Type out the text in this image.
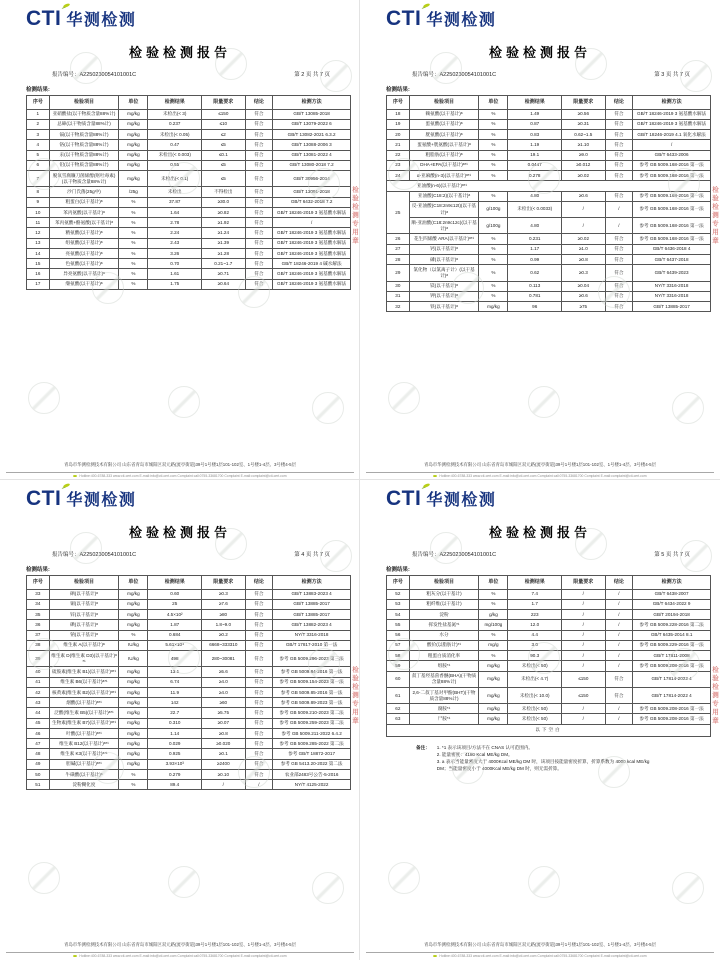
检验检测专用章
CTI 华测检测
检验检测报告
报告编号：A2250230054101001C	第 2 页 共 7 页
检测结果:
序号	检验项目	单位	检测结果	限量要求	结论	检测方法
1	亚硝酸盐(以干物质含量88%计)	mg/kg	未检出(< 3)	≤150	符合	GB/T 13085-2018
2	总砷(以干物质含量88%计)	mg/kg	0.237	≤10	符合	GB/T 13079-2022 6
3	镉(以干物质含量88%计)	mg/kg	未检出(< 0.05)	≤2	符合	GB/T 13082-2021 6.3.2
4	铬(以干物质含量88%计)	mg/kg	0.47	≤5	符合	GB/T 13088-2006 3
5	汞(以干物质含量88%计)	mg/kg	未检出(< 0.003)	≤0.1	符合	GB/T 13081-2022 4
6	铅(以干物质含量88%计)	mg/kg	0.55	≤5	符合	GB/T 13080-2018 7.2
7	脱氧雪腐镰刀菌烯醇(呕吐毒素)(以干物质含量88%计)	mg/kg	未检出(< 0.1)	≤5	符合	GB/T 30956-2014
8	沙门氏菌(25g中)	/25g	未检出	不得检出	符合	GB/T 13091-2018
9	粗蛋白(以干基计)ᵃ	%	37.87	≥30.0	符合	GB/T 6432-2018 7.2
10	苯丙氨酸(以干基计)ᵃ	%	1.64	≥0.82	符合	GB/T 18246-2019 3 氨基酸水解法
11	苯丙氨酸+酪氨酸(以干基计)ᵃ	%	2.78	≥1.92	符合	/
12	精氨酸(以干基计)ᵃ	%	2.24	≥1.24	符合	GB/T 18246-2019 3 氨基酸水解法
13	组氨酸(以干基计)ᵃ	%	2.43	≥1.39	符合	GB/T 18246-2019 3 氨基酸水解法
14	亮氨酸(以干基计)ᵃ	%	3.26	≥1.28	符合	GB/T 18246-2019 3 氨基酸水解法
15	色氨酸(以干基计)ᵃ	%	0.70	0.21~1.7	符合	GB/T 18246-2019 4 碱水解法
16	异亮氨酸(以干基计)ᵃ	%	1.61	≥0.71	符合	GB/T 18246-2019 3 氨基酸水解法
17	缬氨酸(以干基计)ᵃ	%	1.75	≥0.64	符合	GB/T 18246-2019 3 氨基酸水解法
青岛市华测检测技术有限公司 山东省青岛市城阳区双元路(流亭街道)39号1号楼1层101-102室、1号楼1-4层、3号楼4-5层
Hotline:400-6788-333 www.cti-cert.com E-mail:info@cti-cert.com Complaint call:0755-33681700 Complaint E-mail:complaint@cti-cert.com
检验检测专用章
CTI 华测检测
检验检测报告
报告编号：A2250230054101001C	第 3 页 共 7 页
检测结果:
序号	检验项目	单位	检测结果	限量要求	结论	检测方法
18	赖氨酸(以干基计)ᵃ	%	1.49	≥0.56	符合	GB/T 18246-2019 3 氨基酸水解法
19	蛋氨酸(以干基计)ᵃ	%	0.87	≥0.31	符合	GB/T 18246-2019 3 氨基酸水解法
20	胱氨酸(以干基计)ᵃ	%	0.83	0.62~1.5	符合	GB/T 18246-2019 4.1 氧化水解法
21	蛋氨酸+胱氨酸(以干基计)ᵃ	%	1.19	≥1.10	符合	/
22	粗脂肪(以干基计)ᵃ	%	19.1	≥9.0	符合	GB/T 6433-2006
23	DHA+EPA(以干基计)ᵃ*¹	%	0.0447	≥0.012	符合	参考 GB 5009.168-2016 第一法
24	α-亚麻酸(n-3)(以干基计)ᵃ*¹	%	0.278	≥0.02	符合	参考 GB 5009.168-2016 第一法
亚油酸(n-6)(以干基计)ᵃ*¹						
25	亚油酸(C18:2)(以干基计)ᵃ	%	4.80	≥0.6	符合	参考 GB 5009.168-2016 第一法
	反-亚油酸(C18:2n9c12t)(以干基计)ᵃ	g/100g	未检出(< 0.0033)	/	/	参考 GB 5009.168-2016 第一法
	顺-亚油酸(C18:2n9c12c)(以干基计)ᵃ	g/100g	4.80	/	/	参考 GB 5009.168-2016 第一法
26	花生四烯酸 ARA(以干基计)ᵃ*¹	%	0.231	≥0.02	符合	参考 GB 5009.168-2016 第一法
27	钙(以干基计)ᵃ	%	1.17	≥1.0	符合	GB/T 6436-2018 4
28	磷(以干基计)ᵃ	%	0.99	≥0.8	符合	GB/T 6437-2018
29	氯化物（以氯离子计）(以干基计)ᵃ	%	0.62	≥0.3	符合	GB/T 6439-2023
30	镁(以干基计)ᵃ	%	0.113	≥0.04	符合	NY/T 3316-2018
31	钾(以干基计)ᵃ	%	0.781	≥0.6	符合	NY/T 3316-2018
32	铁(以干基计)ᵃ	mg/kg	96	≥75	符合	GB/T 13885-2017
青岛市华测检测技术有限公司 山东省青岛市城阳区双元路(流亭街道)39号1号楼1层101-102室、1号楼1-4层、3号楼4-5层
Hotline:400-6788-333 www.cti-cert.com E-mail:info@cti-cert.com Complaint call:0755-33681700 Complaint E-mail:complaint@cti-cert.com
检验检测专用章
CTI 华测检测
检验检测报告
报告编号：A2250230054101001C	第 4 页 共 7 页
检测结果:
序号	检验项目	单位	检测结果	限量要求	结论	检测方法
33	硒(以干基计)ᵃ	mg/kg	0.60	≥0.3	符合	GB/T 13883-2023 4
34	铜(以干基计)ᵃ	mg/kg	25	≥7.6	符合	GB/T 13885-2017
35	锌(以干基计)ᵃ	mg/kg	4.5×10²	≥80	符合	GB/T 13885-2017
36	碘(以干基计)ᵃ	mg/kg	1.87	1.8~9.0	符合	GB/T 13882-2023 4
37	钠(以干基计)ᵃ	%	0.684	≥0.2	符合	NY/T 3316-2018
38	维生素 A(以干基计)ᵃ	IU/kg	5.61×10⁴	6668~333310	符合	GB/T 17817-2010 第一法
39	维生素 D(维生素 D3)(以干基计)ᵃ*¹	IU/kg	498	280~30081	符合	参考 GB 5009.296-2023 第三法
40	硫胺素(维生素 B1)(以干基计)ᵃ*¹	mg/kg	13.1	≥5.6	符合	参考 GB 5009.84-2016 第一法
41	维生素 B6(以干基计)ᵃ*¹	mg/kg	6.74	≥4.0	符合	参考 GB 5009.154-2023 第一法
42	核黄素(维生素 B2)(以干基计)ᵃ*¹	mg/kg	11.9	≥4.0	符合	参考 GB 5009.85-2016 第一法
43	烟酸(以干基计)ᵃ*¹	mg/kg	142	≥60	符合	参考 GB 5009.89-2023 第一法
44	泛酸(维生素 B5)(以干基计)ᵃ*¹	mg/kg	22.7	≥5.75	符合	参考 GB 5009.210-2023 第二法
45	生物素(维生素 B7)(以干基计)ᵃ*¹	mg/kg	0.310	≥0.07	符合	参考 GB 5009.259-2023 第二法
46	叶酸(以干基计)ᵃ*¹	mg/kg	1.14	≥0.8	符合	参考 GB 5009.211-2022 6.4.2
47	维生素 B12(以干基计)ᵃ*¹	mg/kg	0.029	≥0.020	符合	参考 GB 5009.285-2022 第二法
48	维生素 K3(以干基计)ᵃ*¹	mg/kg	0.925	≥0.1	符合	参考 GB/T 18872-2017
49	胆碱(以干基计)ᵃ*¹	mg/kg	3.93×10³	≥2400	符合	参考 GB 5413.20-2022 第二法
50	牛磺酸(以干基计)ᵃ	%	0.279	≥0.10	符合	农业部2483号公告-5-2016
51	淀粉糊化度	%	89.4	/	/	NY/T 4125-2022
青岛市华测检测技术有限公司 山东省青岛市城阳区双元路(流亭街道)39号1号楼1层101-102室、1号楼1-4层、3号楼4-5层
Hotline:400-6788-333 www.cti-cert.com E-mail:info@cti-cert.com Complaint call:0755-33681700 Complaint E-mail:complaint@cti-cert.com
检验检测专用章
CTI 华测检测
检验检测报告
报告编号：A2250230054101001C	第 5 页 共 7 页
检测结果:
序号	检验项目	单位	检测结果	限量要求	结论	检测方法
52	粗灰分(以干基计)	%	7.4	/	/	GB/T 6438-2007
53	粗纤维(以干基计)	%	1.7	/	/	GB/T 6434-2022 9
54	淀粉	g/kg	223	/	/	GB/T 20194-2018
55	挥发性盐基氮*¹	mg/100g	12.0	/	/	参考 GB 5009.228-2016 第二法
56	水分	%	4.4	/	/	GB/T 6435-2014 8.1
57	酸价(以脂肪计)*¹	mg/g	3.0	/	/	参考 GB 5009.229-2016 第一法
58	粗蛋白质消化率	%	90.3	/	/	GB/T 17811-2008
59	组胺*¹	mg/kg	未检出(< 50)	/	/	参考 GB 5009.208-2016 第一法
60	叔丁基羟基茴香醚(BHA)(干物质含量88%计)	mg/kg	未检出(< 4.7)	≤150	符合	GB/T 17814-2022 4
61	2,6-二叔丁基对甲酚(BHT)(干物质含量88%计)	mg/kg	未检出(< 10.0)	≤150	符合	GB/T 17814-2022 4
62	腐胺*¹	mg/kg	未检出(< 50)	/	/	参考 GB 5009.208-2016 第一法
63	尸胺*¹	mg/kg	未检出(< 50)	/	/	参考 GB 5009.208-2016 第一法
以下空白						
备注： 1. *1 表示该项目/方法不在 CNAS 认可范围内。
2. 能量密度：4180 Kcal ME/kg DM。
3. a 表示当能量密度大于 4000Kcal ME/kg DM 时，该项目按能量密度折算，折算系数为 4000 kcal ME/kg DM；当能量密度小于 4000Kcal ME/kg DM 时，则无需折算。
青岛市华测检测技术有限公司 山东省青岛市城阳区双元路(流亭街道)39号1号楼1层101-102室、1号楼1-4层、3号楼4-5层
Hotline:400-6788-333 www.cti-cert.com E-mail:info@cti-cert.com Complaint call:0755-33681700 Complaint E-mail:complaint@cti-cert.com
